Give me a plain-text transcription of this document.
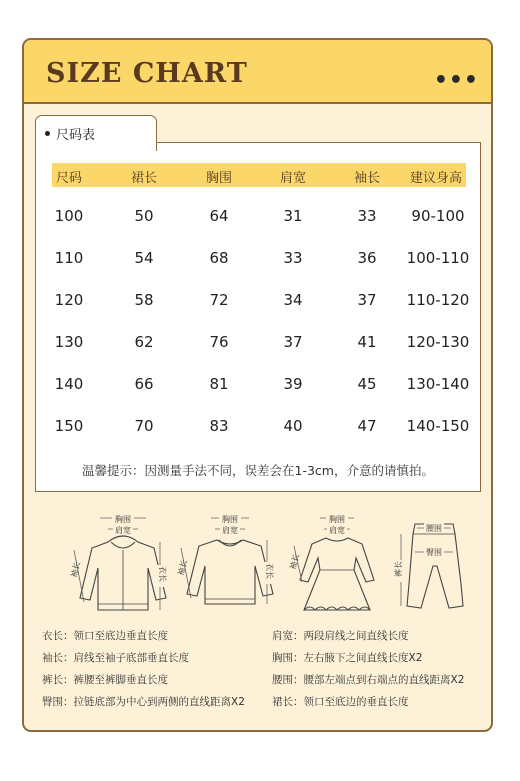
SIZE CHART	•••
尺码表
尺码	裙长	胸围	肩宽	袖长 建议身高
100	50	64	31	33 90-100
110	54	68	33	36 100-110
120	58	72	34	37 110-120
130	62	76	37	41 120-130
140	66	81	39	45 130-140
150	70	83	40	47 140-150
温馨提示：因测量手法不同，误差会在1-3cm，介意的请慎拍。
胸围
肩宽
衣长
袖长
胸围
肩宽
衣长
袖长
胸围
肩宽
袖长
腰围
臀围
裤长
衣长：领口至底边垂直长度	肩宽：两段肩线之间直线长度
袖长：肩线至袖子底部垂直长度	胸围：左右腋下之间直线长度X2
裤长：裤腰至裤脚垂直长度	腰围：腰部左端点到右端点的直线距离X2
臀围：拉链底部为中心到两侧的直线距离X2	裙长：领口至底边的垂直长度
